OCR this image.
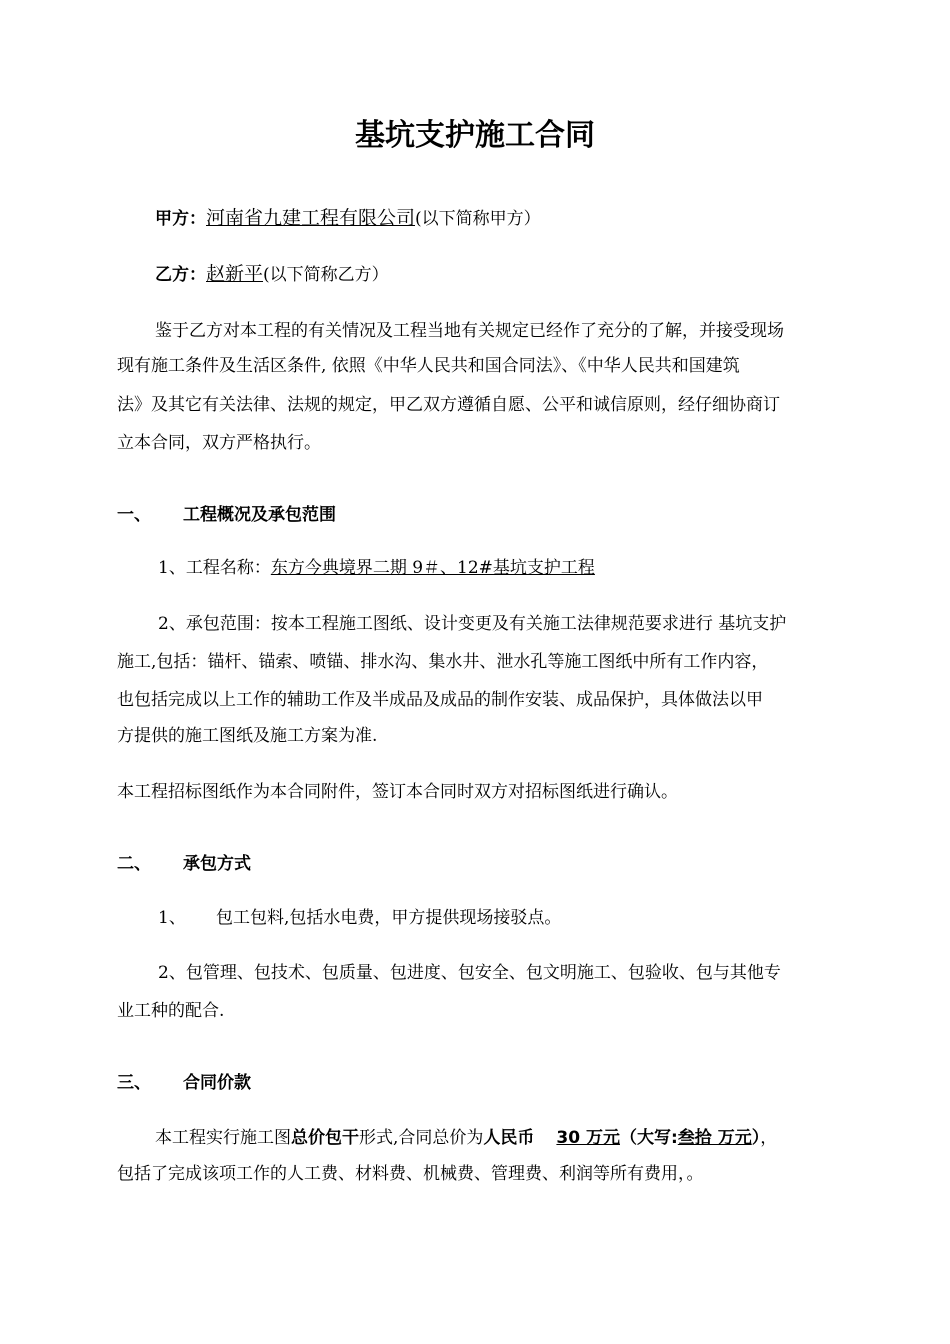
基坑支护施工合同
甲方：河南省九建工程有限公司(以下简称甲方）
乙方：赵新平(以下简称乙方）
鉴于乙方对本工程的有关情况及工程当地有关规定已经作了充分的了解，并接受现场
现有施工条件及生活区条件, 依照《中华人民共和国合同法》、《中华人民共和国建筑
法》及其它有关法律、法规的规定，甲乙双方遵循自愿、公平和诚信原则，经仔细协商订
立本合同，双方严格执行。
一、 工程概况及承包范围
1、工程名称：东方今典境界二期 9＃、12#基坑支护工程
2、承包范围：按本工程施工图纸、设计变更及有关施工法律规范要求进行 基坑支护
施工,包括：锚杆、锚索、喷锚、排水沟、集水井、泄水孔等施工图纸中所有工作内容，
也包括完成以上工作的辅助工作及半成品及成品的制作安装、成品保护，具体做法以甲
方提供的施工图纸及施工方案为准.
本工程招标图纸作为本合同附件，签订本合同时双方对招标图纸进行确认。
二、 承包方式
1、 包工包料,包括水电费，甲方提供现场接驳点。
2、包管理、包技术、包质量、包进度、包安全、包文明施工、包验收、包与其他专
业工种的配合.
三、 合同价款
本工程实行施工图总价包干形式,合同总价为人民币 30 万元（大写:叁拾 万元），
包括了完成该项工作的人工费、材料费、机械费、管理费、利润等所有费用，。
